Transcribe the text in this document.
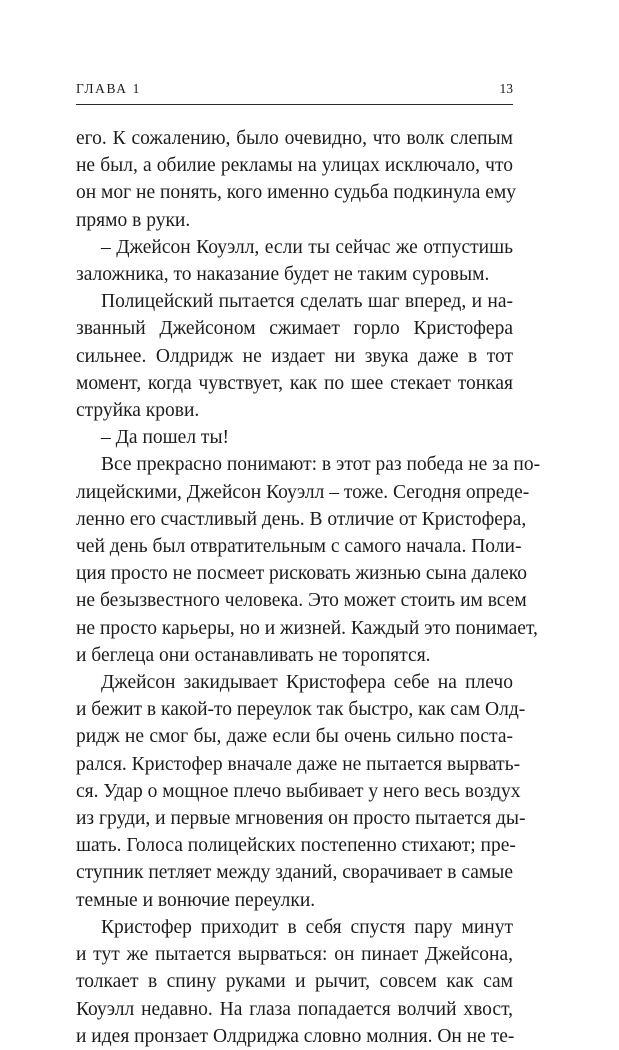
ГЛАВА 1	13
его. К сожалению, было очевидно, что волк слепым
не был, а обилие рекламы на улицах исключало, что
он мог не понять, кого именно судьба подкинула ему
прямо в руки.
– Джейсон Коуэлл, если ты сейчас же отпустишь
заложника, то наказание будет не таким суровым.
Полицейский пытается сделать шаг вперед, и на-
званный Джейсоном сжимает горло Кристофера
сильнее. Олдридж не издает ни звука даже в тот
момент, когда чувствует, как по шее стекает тонкая
струйка крови.
– Да пошел ты!
Все прекрасно понимают: в этот раз победа не за по-
лицейскими, Джейсон Коуэлл – тоже. Сегодня опреде-
ленно его счастливый день. В отличие от Кристофера,
чей день был отвратительным с самого начала. Поли-
ция просто не посмеет рисковать жизнью сына далеко
не безызвестного человека. Это может стоить им всем
не просто карьеры, но и жизней. Каждый это понимает,
и беглеца они останавливать не торопятся.
Джейсон закидывает Кристофера себе на плечо
и бежит в какой-то переулок так быстро, как сам Олд-
ридж не смог бы, даже если бы очень сильно поста-
рался. Кристофер вначале даже не пытается вырвать-
ся. Удар о мощное плечо выбивает у него весь воздух
из груди, и первые мгновения он просто пытается ды-
шать. Голоса полицейских постепенно стихают; пре-
ступник петляет между зданий, сворачивает в самые
темные и вонючие переулки.
Кристофер приходит в себя спустя пару минут
и тут же пытается вырваться: он пинает Джейсона,
толкает в спину руками и рычит, совсем как сам
Коуэлл недавно. На глаза попадается волчий хвост,
и идея пронзает Олдриджа словно молния. Он не те-
